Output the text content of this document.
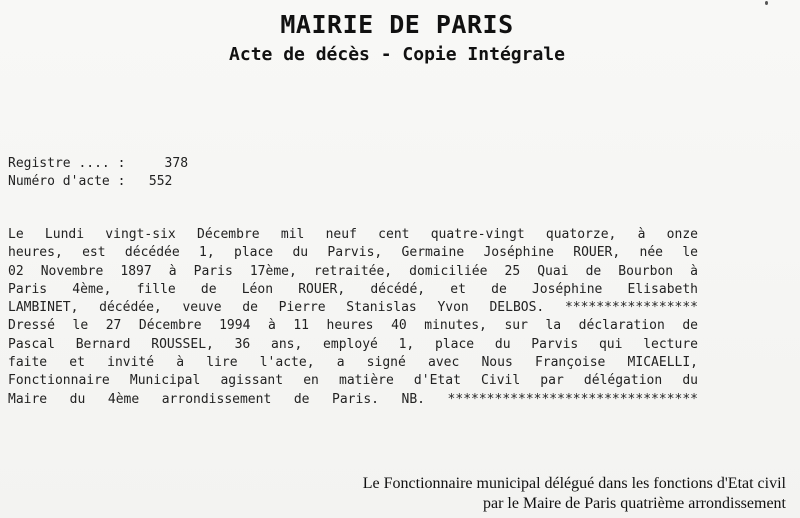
MAIRIE DE PARIS
Acte de décès - Copie Intégrale
Registre .... :	378
Numéro d'acte : 552
Le Lundi vingt-six Décembre mil neuf cent quatre-vingt quatorze, à onze
heures, est décédée 1, place du Parvis, Germaine Joséphine ROUER, née le
02 Novembre 1897 à Paris 17ème, retraitée, domiciliée 25 Quai de Bourbon à
Paris 4ème, fille de Léon ROUER, décédé, et de Joséphine Elisabeth
LAMBINET, décédée, veuve de Pierre Stanislas Yvon DELBOS. *****************
Dressé le 27 Décembre 1994 à 11 heures 40 minutes, sur la déclaration de
Pascal Bernard ROUSSEL, 36 ans, employé 1, place du Parvis qui lecture
faite et invité à lire l'acte, a signé avec Nous Françoise MICAELLI,
Fonctionnaire Municipal agissant en matière d'Etat Civil par délégation du
Maire du 4ème arrondissement de Paris. NB. ********************************
Le Fonctionnaire municipal délégué dans les fonctions d'Etat civil
par le Maire de Paris quatrième arrondissement
